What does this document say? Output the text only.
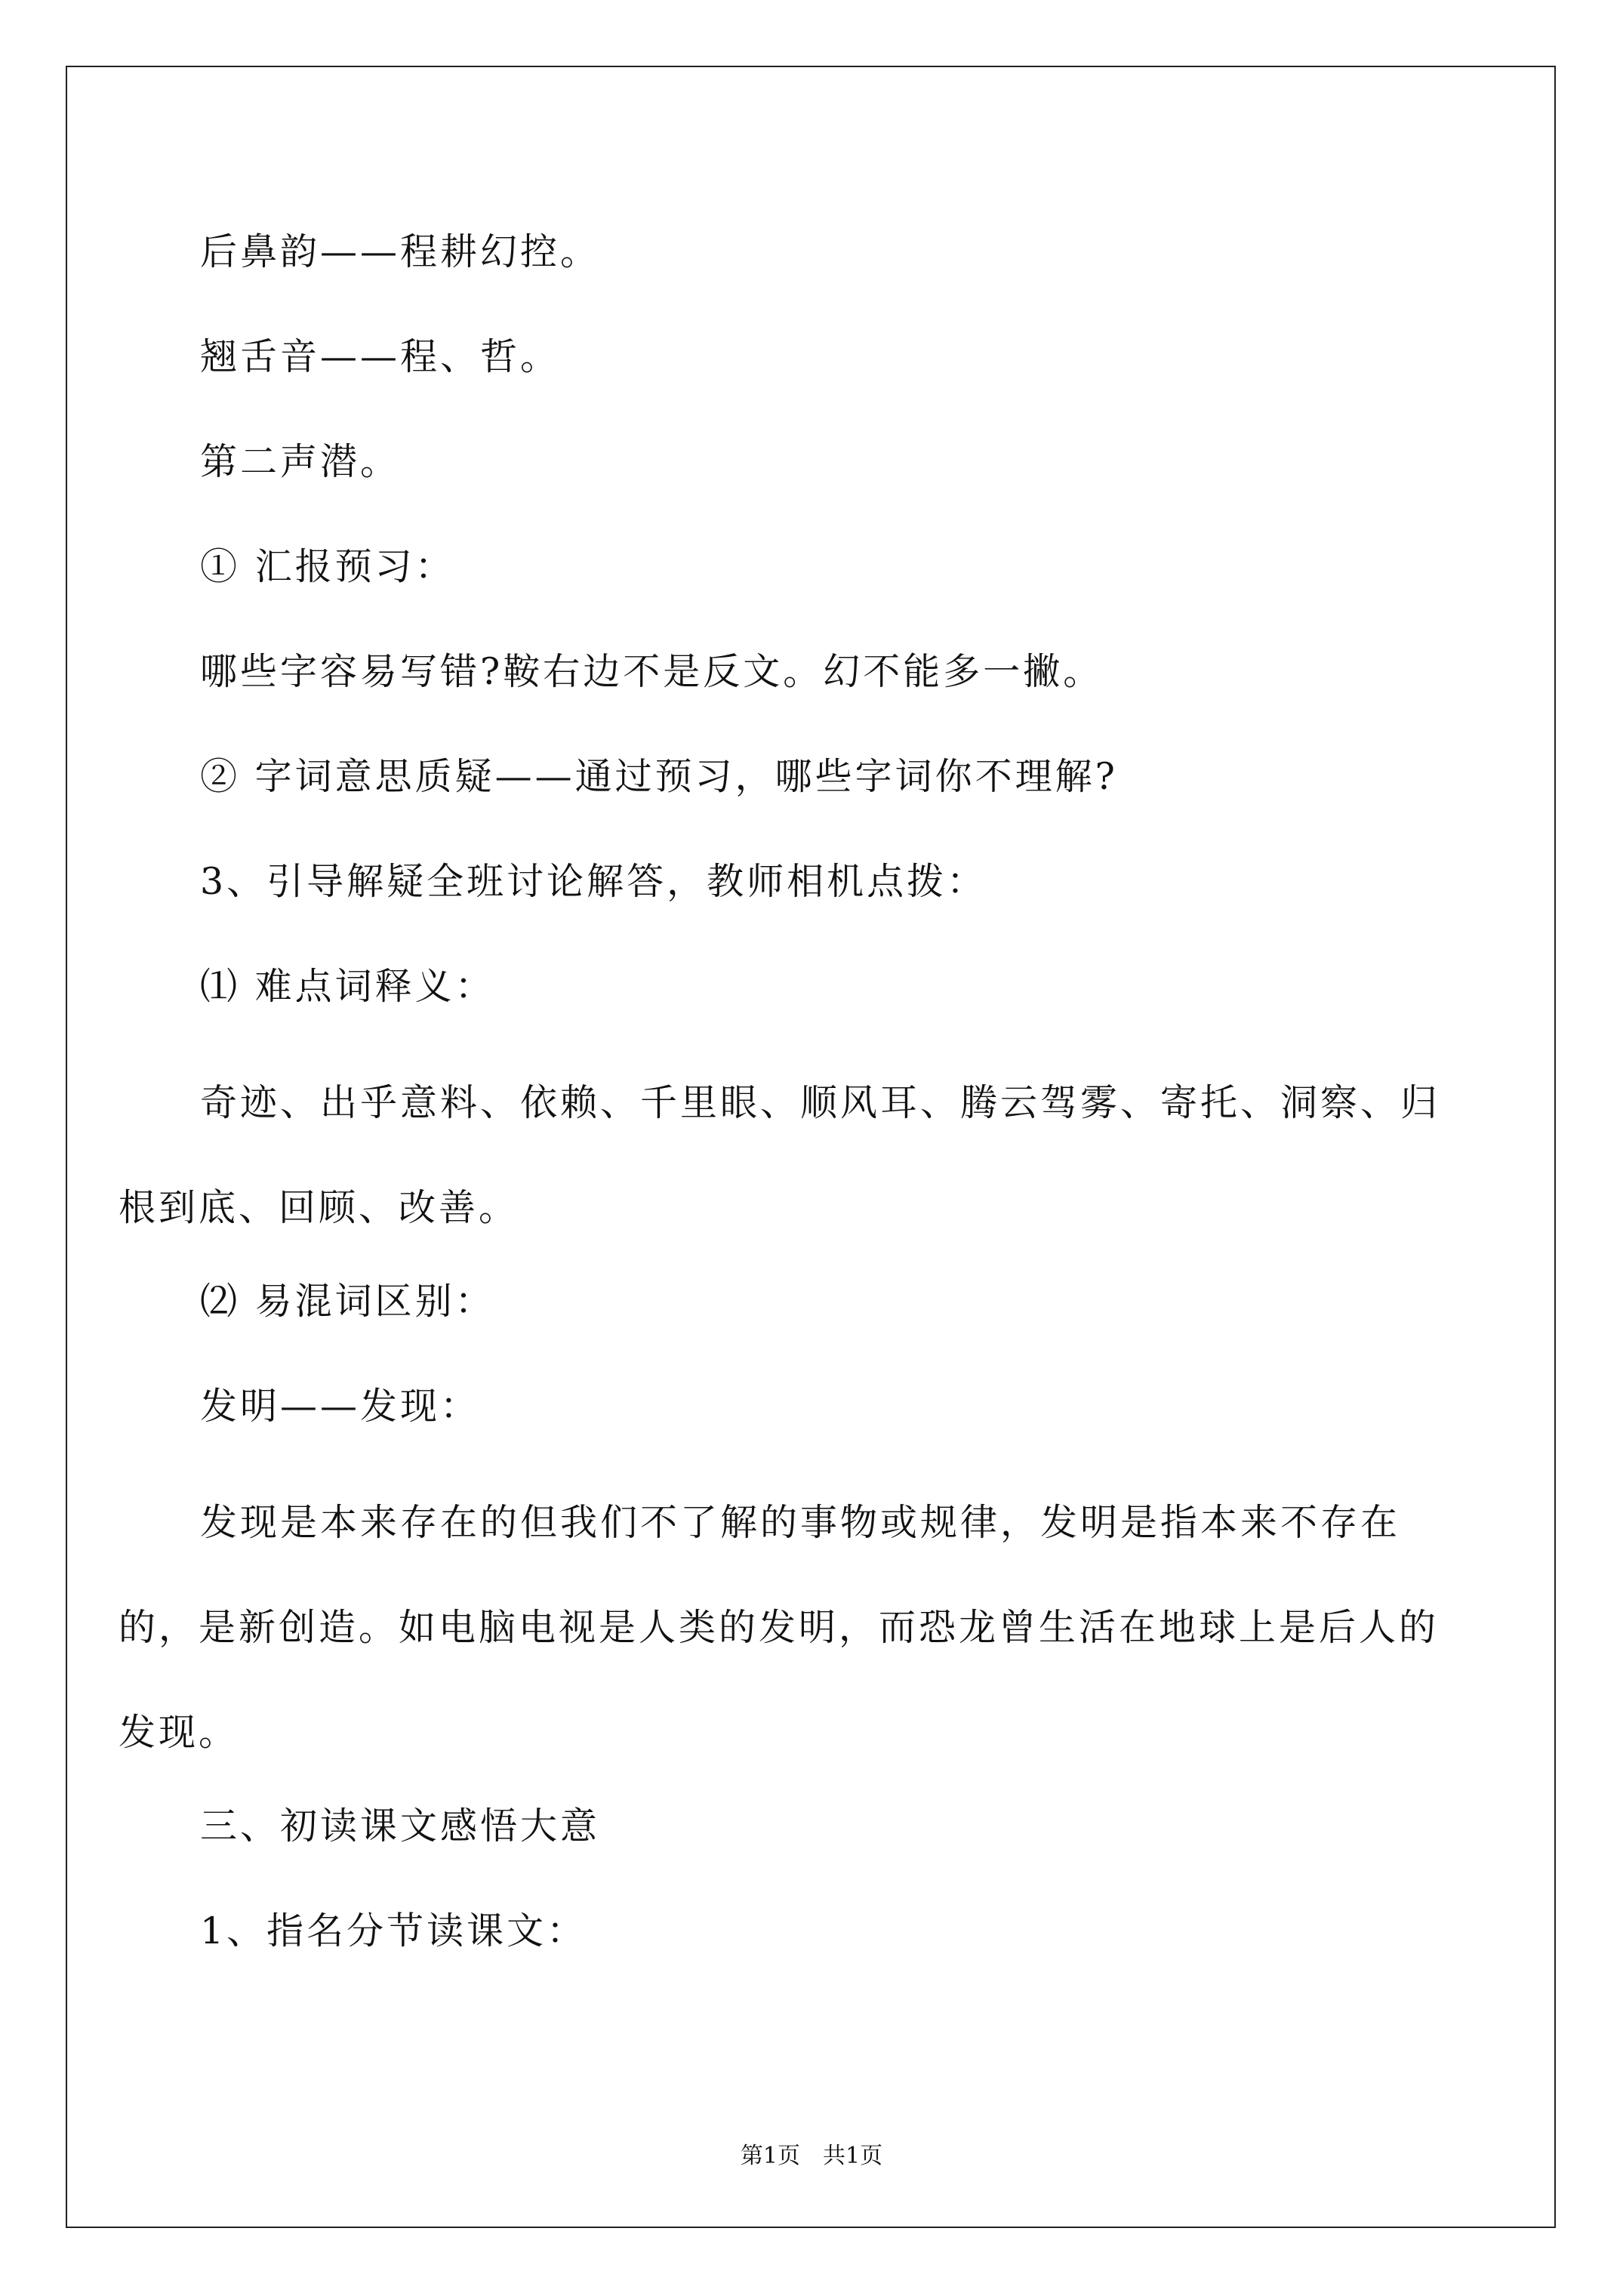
后鼻韵——程耕幻控。
翘舌音——程、哲。
第二声潜。
① 汇报预习：
哪些字容易写错?鞍右边不是反文。幻不能多一撇。
② 字词意思质疑——通过预习，哪些字词你不理解?
3、引导解疑全班讨论解答，教师相机点拨：
⑴ 难点词释义：
奇迹、出乎意料、依赖、千里眼、顺风耳、腾云驾雾、寄托、洞察、归根到底、回顾、改善。
⑵ 易混词区别：
发明——发现：
发现是本来存在的但我们不了解的事物或规律，发明是指本来不存在的，是新创造。如电脑电视是人类的发明，而恐龙曾生活在地球上是后人的发现。
三、初读课文感悟大意
1、指名分节读课文：
第1页　共1页
